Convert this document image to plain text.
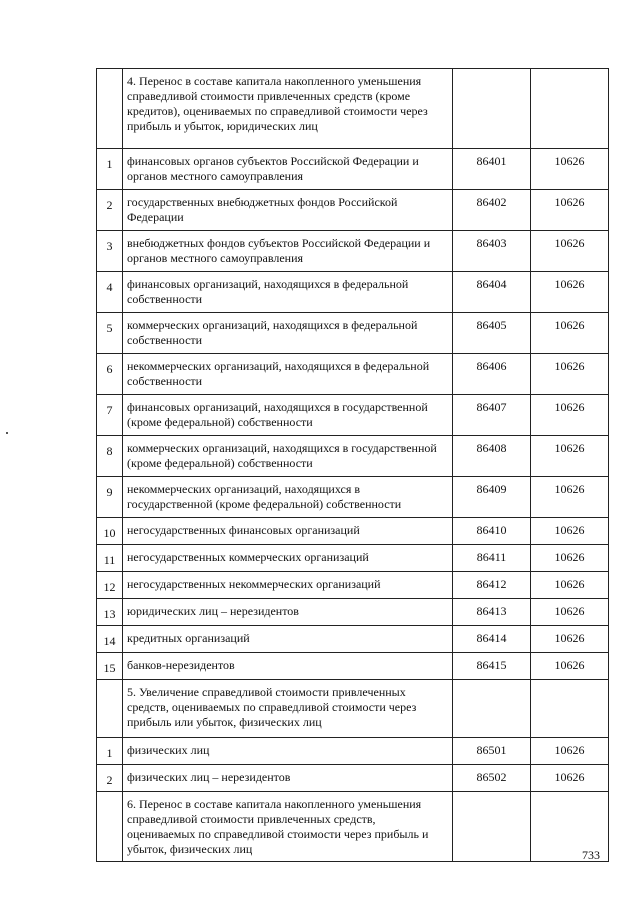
	4. Перенос в составе капитала накопленного уменьшения справедливой стоимости привлеченных средств (кроме кредитов), оцениваемых по справедливой стоимости через прибыль и убыток, юридических лиц		
1	финансовых органов субъектов Российской Федерации и органов местного самоуправления	86401	10626
2	государственных внебюджетных фондов Российской Федерации	86402	10626
3	внебюджетных фондов субъектов Российской Федерации и органов местного самоуправления	86403	10626
4	финансовых организаций, находящихся в федеральной собственности	86404	10626
5	коммерческих организаций, находящихся в федеральной собственности	86405	10626
6	некоммерческих организаций, находящихся в федеральной собственности	86406	10626
7	финансовых организаций, находящихся в государственной (кроме федеральной) собственности	86407	10626
8	коммерческих организаций, находящихся в государственной (кроме федеральной) собственности	86408	10626
9	некоммерческих организаций, находящихся в государственной (кроме федеральной) собственности	86409	10626
10	негосударственных финансовых организаций	86410	10626
11	негосударственных коммерческих организаций	86411	10626
12	негосударственных некоммерческих организаций	86412	10626
13	юридических лиц – нерезидентов	86413	10626
14	кредитных организаций	86414	10626
15	банков-нерезидентов	86415	10626
	5. Увеличение справедливой стоимости привлеченных средств, оцениваемых по справедливой стоимости через прибыль или убыток, физических лиц		
1	физических лиц	86501	10626
2	физических лиц – нерезидентов	86502	10626
	6. Перенос в составе капитала накопленного уменьшения справедливой стоимости привлеченных средств, оцениваемых по справедливой стоимости через прибыль и убыток, физических лиц			733
